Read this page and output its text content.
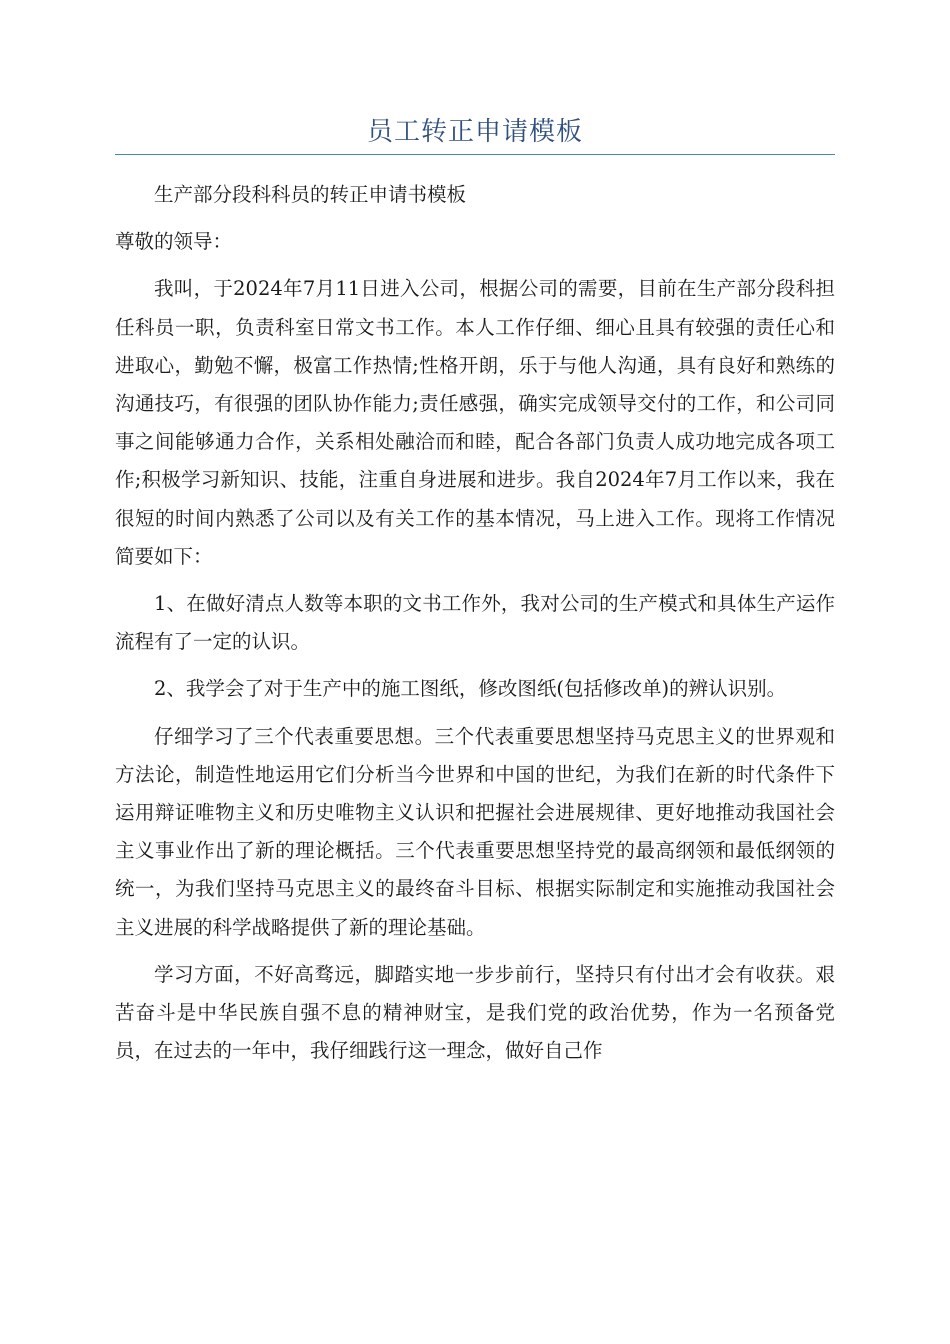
员工转正申请模板

生产部分段科科员的转正申请书模板

尊敬的领导：

我叫，于2024年7月11日进入公司，根据公司的需要，目前在生产部分段科担任科员一职，负责科室日常文书工作。本人工作仔细、细心且具有较强的责任心和进取心，勤勉不懈，极富工作热情;性格开朗，乐于与他人沟通，具有良好和熟练的沟通技巧，有很强的团队协作能力;责任感强，确实完成领导交付的工作，和公司同事之间能够通力合作，关系相处融洽而和睦，配合各部门负责人成功地完成各项工作;积极学习新知识、技能，注重自身进展和进步。我自2024年7月工作以来，我在很短的时间内熟悉了公司以及有关工作的基本情况，马上进入工作。现将工作情况简要如下：

1、在做好清点人数等本职的文书工作外，我对公司的生产模式和具体生产运作流程有了一定的认识。

2、我学会了对于生产中的施工图纸，修改图纸(包括修改单)的辨认识别。

仔细学习了三个代表重要思想。三个代表重要思想坚持马克思主义的世界观和方法论，制造性地运用它们分析当今世界和中国的世纪，为我们在新的时代条件下运用辩证唯物主义和历史唯物主义认识和把握社会进展规律、更好地推动我国社会主义事业作出了新的理论概括。三个代表重要思想坚持党的最高纲领和最低纲领的统一，为我们坚持马克思主义的最终奋斗目标、根据实际制定和实施推动我国社会主义进展的科学战略提供了新的理论基础。

学习方面，不好高骛远，脚踏实地一步步前行，坚持只有付出才会有收获。艰苦奋斗是中华民族自强不息的精神财宝，是我们党的政治优势，作为一名预备党员，在过去的一年中，我仔细践行这一理念，做好自己作
